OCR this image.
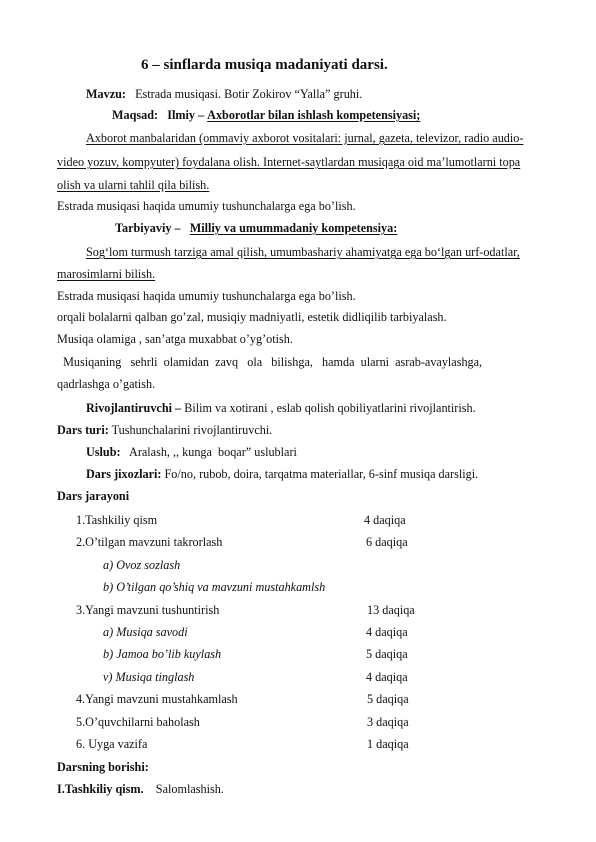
6 – sinflarda musiqa madaniyati darsi.
Mavzu: Estrada musiqasi. Botir Zokirov “Yalla” gruhi.
Maqsad: Ilmiy – Axborotlar bilan ishlash kompetensiyasi;
Axborot manbalaridan (ommaviy axborot vositalari: jurnal, gazeta, televizor, radio audio-
video yozuv, kompyuter) foydalana olish. Internet-saytlardan musiqaga oid ma’lumotlarni topa
olish va ularni tahlil qila bilish.
Estrada musiqasi haqida umumiy tushunchalarga ega bo’lish.
Tarbiyaviy – Milliy va umummadaniy kompetensiya:
Sog‘lom turmush tarziga amal qilish, umumbashariy ahamiyatga ega bo‘lgan urf-odatlar,
marosimlarni bilish.
Estrada musiqasi haqida umumiy tushunchalarga ega bo’lish.
orqali bolalarni qalban go’zal, musiqiy madniyatli, estetik didliqilib tarbiyalash.
Musiqa olamiga , san’atga muxabbat o’yg’otish.
Musiqaning   sehrli  olamidan  zavq   ola   bilishga,   hamda  ularni  asrab-avaylashga,
qadrlashga o’gatish.
Rivojlantiruvchi – Bilim va xotirani , eslab qolish qobiliyatlarini rivojlantirish.
Dars turi: Tushunchalarini rivojlantiruvchi.
Uslub:   Aralash, ,, kunga  boqar” uslublari
Dars jixozlari: Fo/no, rubob, doira, tarqatma materiallar, 6-sinf musiqa darsligi.
Dars jarayoni
1.Tashkiliy qism	4 daqiqa
2.O’tilgan mavzuni takrorlash	6 daqiqa
a) Ovoz sozlash
b) O’tilgan qo’shiq va mavzuni mustahkamlsh
3.Yangi mavzuni tushuntirish	13 daqiqa
a) Musiqa savodi	4 daqiqa
b) Jamoa bo’lib kuylash	5 daqiqa
v) Musiqa tinglash	4 daqiqa
4.Yangi mavzuni mustahkamlash	5 daqiqa
5.O’quvchilarni baholash	3 daqiqa
6. Uyga vazifa	1 daqiqa
Darsning borishi:
I.Tashkiliy qism.    Salomlashish.
